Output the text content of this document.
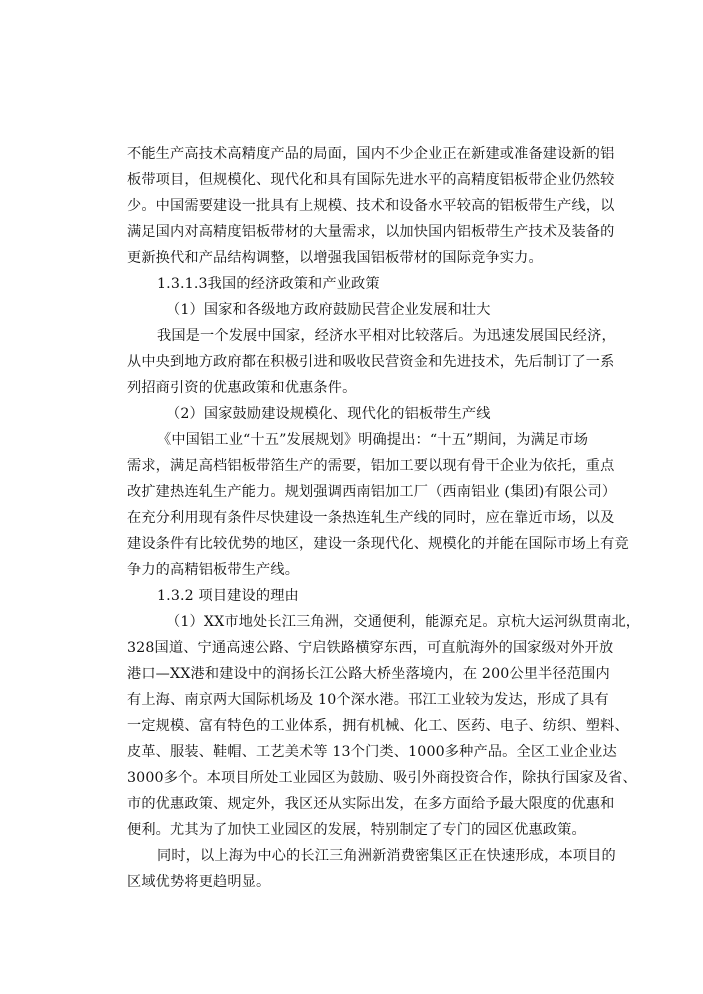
不能生产高技术高精度产品的局面，国内不少企业正在新建或准备建设新的铝
板带项目，但规模化、现代化和具有国际先进水平的高精度铝板带企业仍然较
少。中国需要建设一批具有上规模、技术和设备水平较高的铝板带生产线，以
满足国内对高精度铝板带材的大量需求，以加快国内铝板带生产技术及装备的
更新换代和产品结构调整，以增强我国铝板带材的国际竞争实力。
1.3.1.3我国的经济政策和产业政策
（1）国家和各级地方政府鼓励民营企业发展和壮大
我国是一个发展中国家，经济水平相对比较落后。为迅速发展国民经济，
从中央到地方政府都在积极引进和吸收民营资金和先进技术，先后制订了一系
列招商引资的优惠政策和优惠条件。
（2）国家鼓励建设规模化、现代化的铝板带生产线
《中国铝工业“十五”发展规划》明确提出：“十五”期间，为满足市场
需求，满足高档铝板带箔生产的需要，铝加工要以现有骨干企业为依托，重点
改扩建热连轧生产能力。规划强调西南铝加工厂（西南铝业 (集团)有限公司）
在充分利用现有条件尽快建设一条热连轧生产线的同时，应在靠近市场，以及
建设条件有比较优势的地区，建设一条现代化、规模化的并能在国际市场上有竞
争力的高精铝板带生产线。
1.3.2 项目建设的理由
（1）XX市地处长江三角洲，交通便利，能源充足。京杭大运河纵贯南北，
328国道、宁通高速公路、宁启铁路横穿东西，可直航海外的国家级对外开放
港口—XX港和建设中的润扬长江公路大桥坐落境内，在 200公里半径范围内
有上海、南京两大国际机场及 10个深水港。邗江工业较为发达，形成了具有
一定规模、富有特色的工业体系，拥有机械、化工、医药、电子、纺织、塑料、
皮革、服装、鞋帽、工艺美术等 13个门类、1000多种产品。全区工业企业达
3000多个。本项目所处工业园区为鼓励、吸引外商投资合作，除执行国家及省、
市的优惠政策、规定外，我区还从实际出发，在多方面给予最大限度的优惠和
便利。尤其为了加快工业园区的发展，特别制定了专门的园区优惠政策。
同时，以上海为中心的长江三角洲新消费密集区正在快速形成，本项目的
区域优势将更趋明显。
